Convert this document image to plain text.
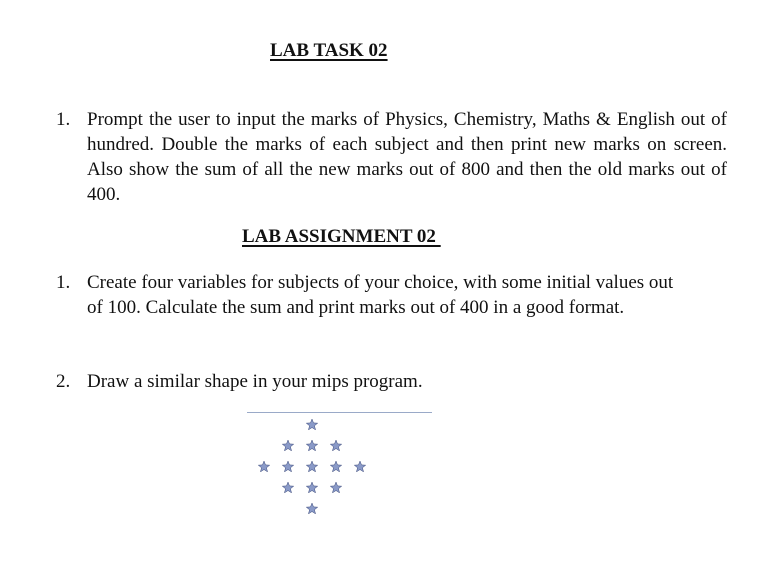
LAB TASK 02
1. Prompt the user to input the marks of Physics, Chemistry, Maths & English out of hundred. Double the marks of each subject and then print new marks on screen. Also show the sum of all the new marks out of 800 and then the old marks out of 400.

LAB ASSIGNMENT 02
1. Create four variables for subjects of your choice, with some initial values out of 100. Calculate the sum and print marks out of 400 in a good format.

2. Draw a similar shape in your mips program.
